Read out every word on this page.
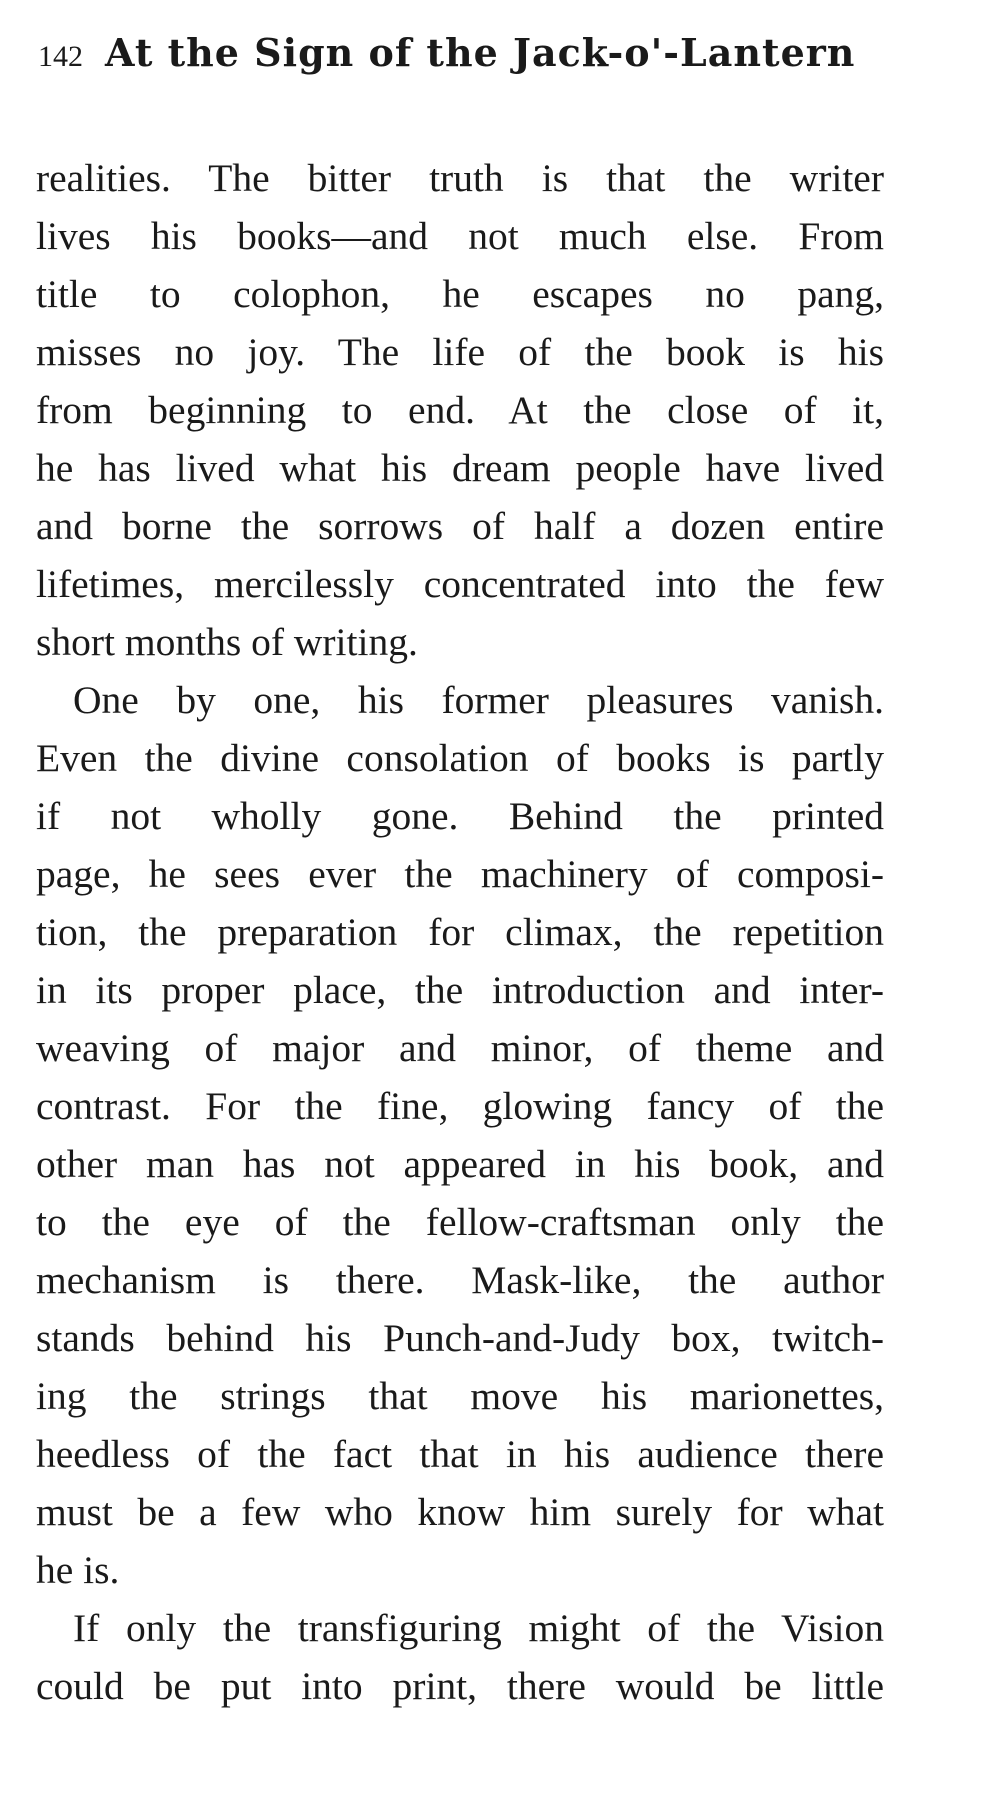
142 At the Sign of the Jack-o'-Lantern
realities. The bitter truth is that the writer
lives his books—and not much else. From
title to colophon, he escapes no pang,
misses no joy. The life of the book is his
from beginning to end. At the close of it,
he has lived what his dream people have lived
and borne the sorrows of half a dozen entire
lifetimes, mercilessly concentrated into the few
short months of writing.
One by one, his former pleasures vanish.
Even the divine consolation of books is partly
if not wholly gone. Behind the printed
page, he sees ever the machinery of composi-
tion, the preparation for climax, the repetition
in its proper place, the introduction and inter-
weaving of major and minor, of theme and
contrast. For the fine, glowing fancy of the
other man has not appeared in his book, and
to the eye of the fellow-craftsman only the
mechanism is there. Mask-like, the author
stands behind his Punch-and-Judy box, twitch-
ing the strings that move his marionettes,
heedless of the fact that in his audience there
must be a few who know him surely for what
he is.
If only the transfiguring might of the Vision
could be put into print, there would be little
